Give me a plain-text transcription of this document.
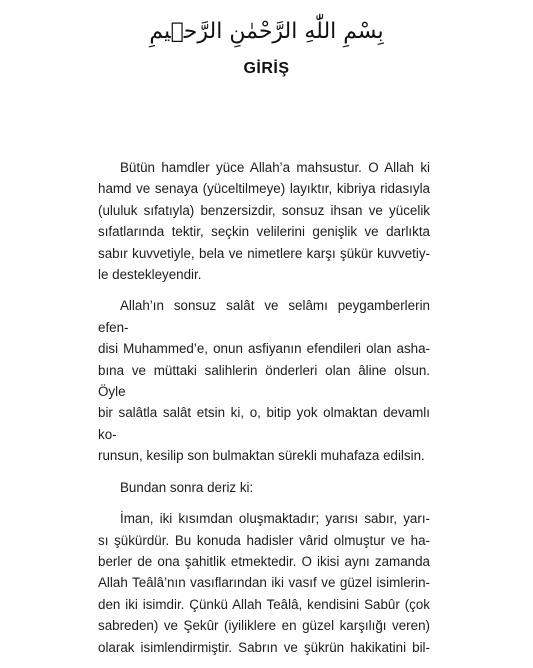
بِسْمِ اللّٰهِ الرَّحْمٰنِ الرَّح۪يمِ
GİRİŞ
Bütün hamdler yüce Allah’a mahsustur. O Allah ki
hamd ve senaya (yüceltilmeye) layıktır, kibriya ridasıyla
(ululuk sıfatıyla) benzersizdir, sonsuz ihsan ve yücelik
sıfatlarında tektir, seçkin velilerini genişlik ve darlıkta
sabır kuvvetiyle, bela ve nimetlere karşı şükür kuvvetiy-
le destekleyendir.
Allah’ın sonsuz salât ve selâmı peygamberlerin efen-
disi Muhammed’e, onun asfiyanın efendileri olan asha-
bına ve müttaki salihlerin önderleri olan âline olsun. Öyle
bir salâtla salât etsin ki, o, bitip yok olmaktan devamlı ko-
runsun, kesilip son bulmaktan sürekli muhafaza edilsin.
Bundan sonra deriz ki:
İman, iki kısımdan oluşmaktadır; yarısı sabır, yarı-
sı şükürdür. Bu konuda hadisler vârid olmuştur ve ha-
berler de ona şahitlik etmektedir. O ikisi aynı zamanda
Allah Teâlâ’nın vasıflarından iki vasıf ve güzel isimlerin-
den iki isimdir. Çünkü Allah Teâlâ, kendisini Sabûr (çok
sabreden) ve Şekûr (iyiliklere en güzel karşılığı veren)
olarak isimlendirmiştir. Sabrın ve şükrün hakikatini bil-
